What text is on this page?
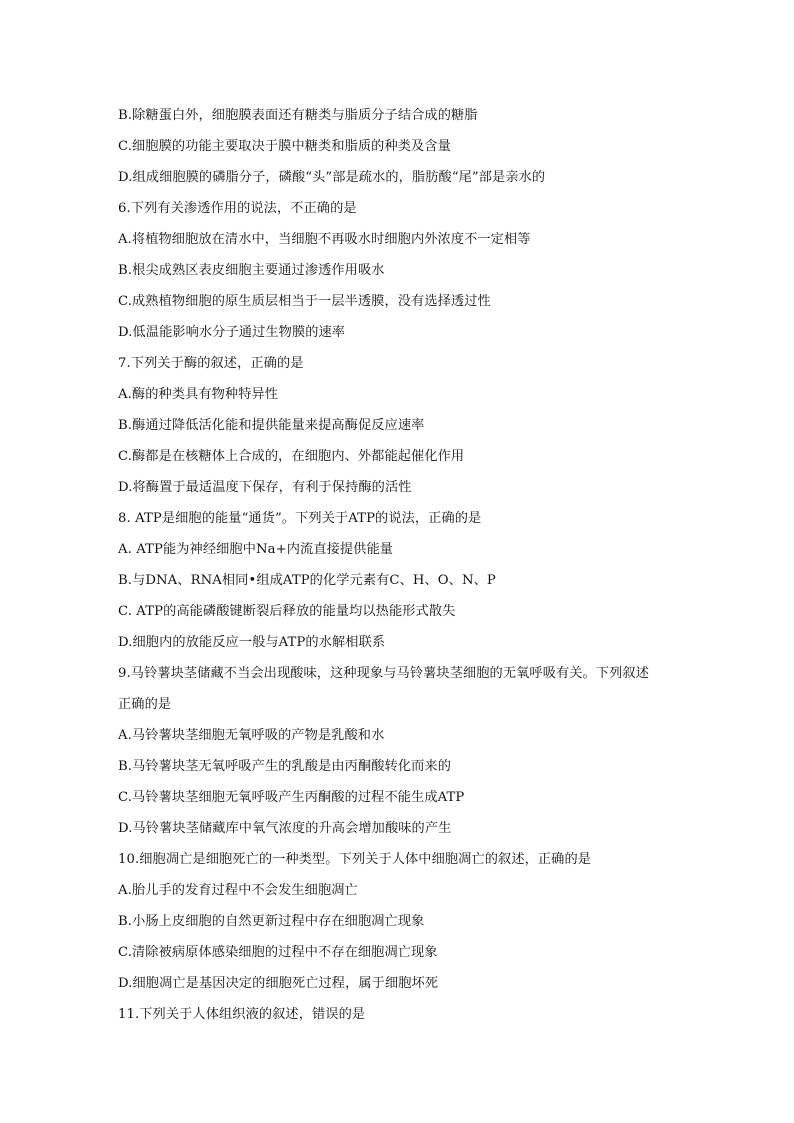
B.除糖蛋白外，细胞膜表面还有糖类与脂质分子结合成的糖脂
C.细胞膜的功能主要取决于膜中糖类和脂质的种类及含量
D.组成细胞膜的磷脂分子，磷酸“头”部是疏水的，脂肪酸“尾”部是亲水的
6.下列有关渗透作用的说法，不正确的是
A.将植物细胞放在清水中，当细胞不再吸水时细胞内外浓度不一定相等
B.根尖成熟区表皮细胞主要通过渗透作用吸水
C.成熟植物细胞的原生质层相当于一层半透膜，没有选择透过性
D.低温能影响水分子通过生物膜的速率
7.下列关于酶的叙述，正确的是
A.酶的种类具有物种特异性
B.酶通过降低活化能和提供能量来提高酶促反应速率
C.酶都是在核糖体上合成的，在细胞内、外都能起催化作用
D.将酶置于最适温度下保存，有利于保持酶的活性
8. ATP是细胞的能量“通货”。下列关于ATP的说法，正确的是
A. ATP能为神经细胞中Na+内流直接提供能量
B.与DNA、RNA相同•组成ATP的化学元素有C、H、O、N、P
C. ATP的高能磷酸键断裂后释放的能量均以热能形式散失
D.细胞内的放能反应一般与ATP的水解相联系
9.马铃薯块茎储藏不当会出现酸味，这种现象与马铃薯块茎细胞的无氧呼吸有关。下列叙述
正确的是
A.马铃薯块茎细胞无氧呼吸的产物是乳酸和水
B.马铃薯块茎无氧呼吸产生的乳酸是由丙酮酸转化而来的
C.马铃薯块茎细胞无氧呼吸产生丙酮酸的过程不能生成ATP
D.马铃薯块茎储藏库中氧气浓度的升高会增加酸味的产生
10.细胞凋亡是细胞死亡的一种类型。下列关于人体中细胞凋亡的叙述，正确的是
A.胎儿手的发育过程中不会发生细胞凋亡
B.小肠上皮细胞的自然更新过程中存在细胞凋亡现象
C.清除被病原体感染细胞的过程中不存在细胞凋亡现象
D.细胞凋亡是基因决定的细胞死亡过程，属于细胞坏死
11.下列关于人体组织液的叙述，错误的是
